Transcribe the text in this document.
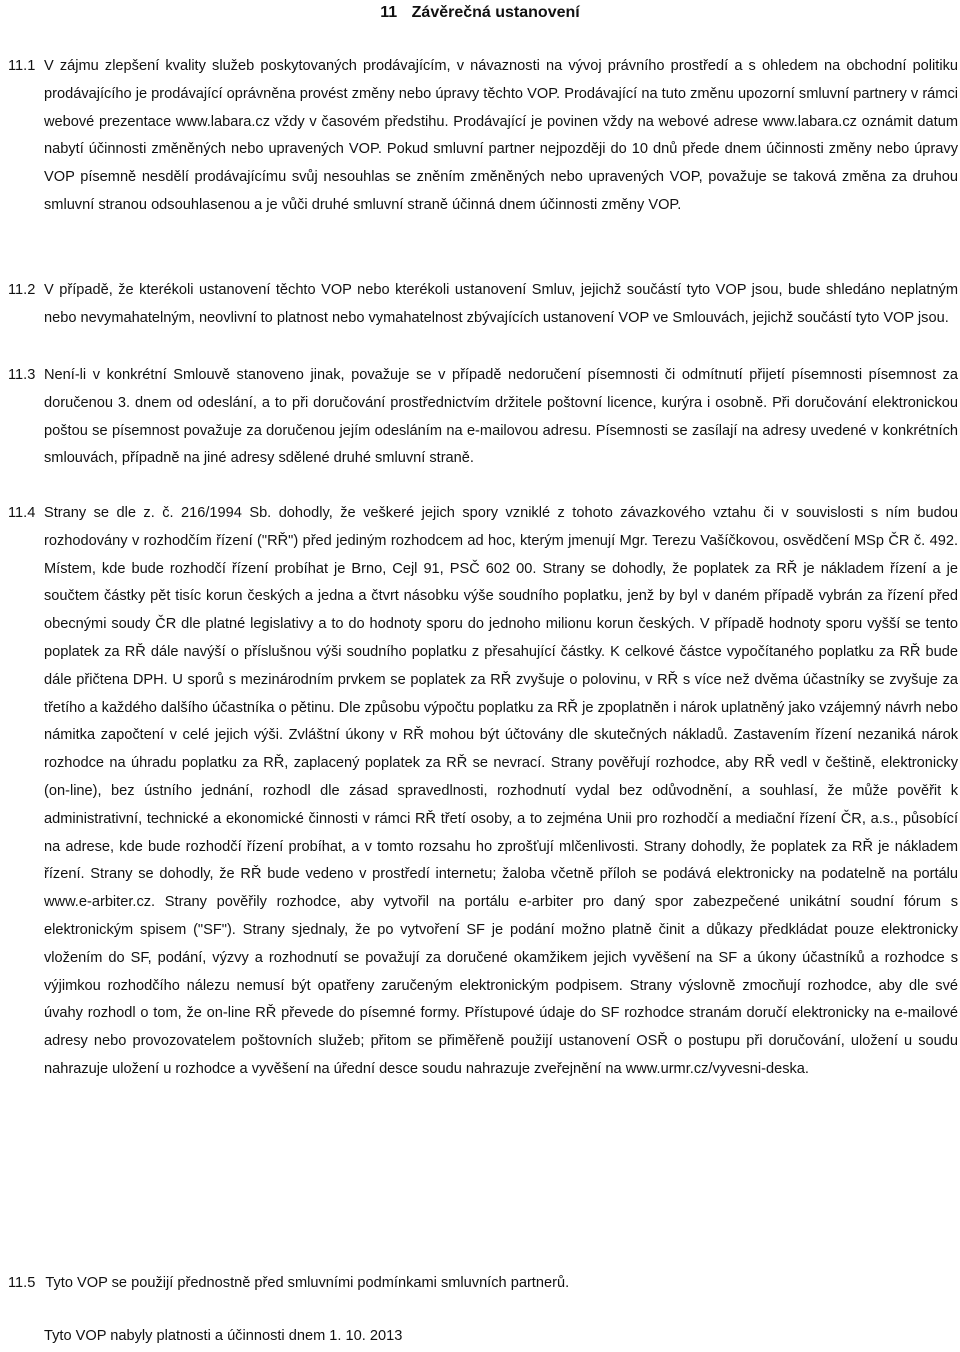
11 Závěrečná ustanovení
11.1 V zájmu zlepšení kvality služeb poskytovaných prodávajícím, v návaznosti na vývoj právního prostředí a s ohledem na obchodní politiku prodávajícího je prodávající oprávněna provést změny nebo úpravy těchto VOP. Prodávající na tuto změnu upozorní smluvní partnery v rámci webové prezentace www.labara.cz vždy v časovém předstihu. Prodávající je povinen vždy na webové adrese www.labara.cz oznámit datum nabytí účinnosti změněných nebo upravených VOP. Pokud smluvní partner nejpozději do 10 dnů přede dnem účinnosti změny nebo úpravy VOP písemně nesdělí prodávajícímu svůj nesouhlas se zněním změněných nebo upravených VOP, považuje se taková změna za druhou smluvní stranou odsouhlasenou a je vůči druhé smluvní straně účinná dnem účinnosti změny VOP.
11.2 V případě, že kterékoli ustanovení těchto VOP nebo kterékoli ustanovení Smluv, jejichž součástí tyto VOP jsou, bude shledáno neplatným nebo nevymahatelným, neovlivní to platnost nebo vymahatelnost zbývajících ustanovení VOP ve Smlouvách, jejichž součástí tyto VOP jsou.
11.3 Není-li v konkrétní Smlouvě stanoveno jinak, považuje se v případě nedoručení písemnosti či odmítnutí přijetí písemnosti písemnost za doručenou 3. dnem od odeslání, a to při doručování prostřednictvím držitele poštovní licence, kurýra i osobně. Při doručování elektronickou poštou se písemnost považuje za doručenou jejím odesláním na e-mailovou adresu. Písemnosti se zasílají na adresy uvedené v konkrétních smlouvách, případně na jiné adresy sdělené druhé smluvní straně.
11.4 Strany se dle z. č. 216/1994 Sb. dohodly, že veškeré jejich spory vzniklé z tohoto závazkového vztahu či v souvislosti s ním budou rozhodovány v rozhodčím řízení ("RŘ") před jediným rozhodcem ad hoc, kterým jmenují Mgr. Terezu Vašíčkovou, osvědčení MSp ČR č. 492. Místem, kde bude rozhodčí řízení probíhat je Brno, Cejl 91, PSČ 602 00. Strany se dohodly, že poplatek za RŘ je nákladem řízení a je součtem částky pět tisíc korun českých a jedna a čtvrt násobku výše soudního poplatku, jenž by byl v daném případě vybrán za řízení před obecnými soudy ČR dle platné legislativy a to do hodnoty sporu do jednoho milionu korun českých. V případě hodnoty sporu vyšší se tento poplatek za RŘ dále navýší o příslušnou výši soudního poplatku z přesahující částky. K celkové částce vypočítaného poplatku za RŘ bude dále přičtena DPH. U sporů s mezinárodním prvkem se poplatek za RŘ zvyšuje o polovinu, v RŘ s více než dvěma účastníky se zvyšuje za třetího a každého dalšího účastníka o pětinu. Dle způsobu výpočtu poplatku za RŘ je zpoplatněn i nárok uplatněný jako vzájemný návrh nebo námitka započtení v celé jejich výši. Zvláštní úkony v RŘ mohou být účtovány dle skutečných nákladů. Zastavením řízení nezaniká nárok rozhodce na úhradu poplatku za RŘ, zaplacený poplatek za RŘ se nevrací. Strany pověřují rozhodce, aby RŘ vedl v češtině, elektronicky (on-line), bez ústního jednání, rozhodl dle zásad spravedlnosti, rozhodnutí vydal bez odůvodnění, a souhlasí, že může pověřit k administrativní, technické a ekonomické činnosti v rámci RŘ třetí osoby, a to zejména Unii pro rozhodčí a mediační řízení ČR, a.s., působící na adrese, kde bude rozhodčí řízení probíhat, a v tomto rozsahu ho zprošťují mlčenlivosti. Strany dohodly, že poplatek za RŘ je nákladem řízení. Strany se dohodly, že RŘ bude vedeno v prostředí internetu; žaloba včetně příloh se podává elektronicky na podatelně na portálu www.e-arbiter.cz. Strany pověřily rozhodce, aby vytvořil na portálu e-arbiter pro daný spor zabezpečené unikátní soudní fórum s elektronickým spisem ("SF"). Strany sjednaly, že po vytvoření SF je podání možno platně činit a důkazy předkládat pouze elektronicky vložením do SF, podání, výzvy a rozhodnutí se považují za doručené okamžikem jejich vyvěšení na SF a úkony účastníků a rozhodce s výjimkou rozhodčího nálezu nemusí být opatřeny zaručeným elektronickým podpisem. Strany výslovně zmocňují rozhodce, aby dle své úvahy rozhodl o tom, že on-line RŘ převede do písemné formy. Přístupové údaje do SF rozhodce stranám doručí elektronicky na e-mailové adresy nebo provozovatelem poštovních služeb; přitom se přiměřeně použijí ustanovení OSŘ o postupu při doručování, uložení u soudu nahrazuje uložení u rozhodce a vyvěšení na úřední desce soudu nahrazuje zveřejnění na www.urmr.cz/vyvesni-deska.
11.5 Tyto VOP se použijí přednostně před smluvními podmínkami smluvních partnerů.
Tyto VOP nabyly platnosti a účinnosti dnem 1. 10. 2013
